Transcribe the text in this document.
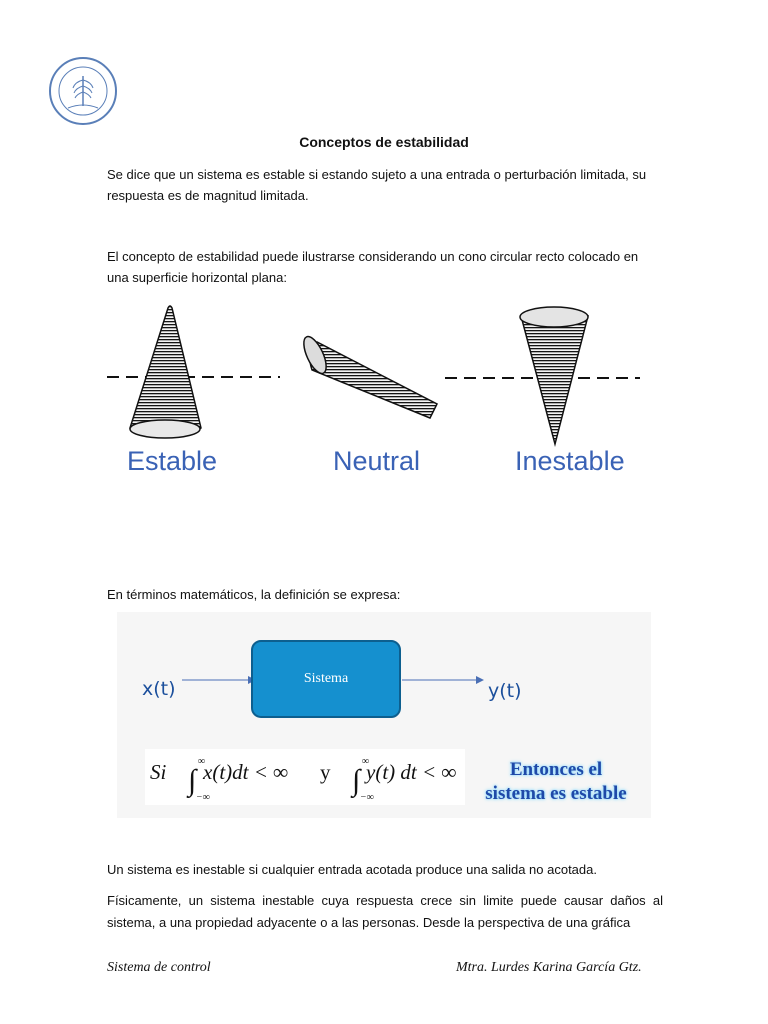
Conceptos de estabilidad
Se dice que un sistema es estable si estando sujeto a una entrada o perturbación limitada, su respuesta es de magnitud limitada.
El concepto de estabilidad puede ilustrarse considerando un cono circular recto colocado en una superficie horizontal plana:
Estable	Neutral	Inestable
En términos matemáticos, la definición se expresa:
x(t)	Sistema
y(t)
∫
∞
−∞
∫
∞
−∞
Si x(t)dt < ∞ y y(t) dt < ∞	Entonces el
sistema es estable
Un sistema es inestable si cualquier entrada acotada produce una salida no acotada.
Físicamente, un sistema inestable cuya respuesta crece sin limite puede causar daños al sistema, a una propiedad adyacente o a las personas. Desde la perspectiva de una gráfica
Sistema de control	Mtra. Lurdes Karina García Gtz.
